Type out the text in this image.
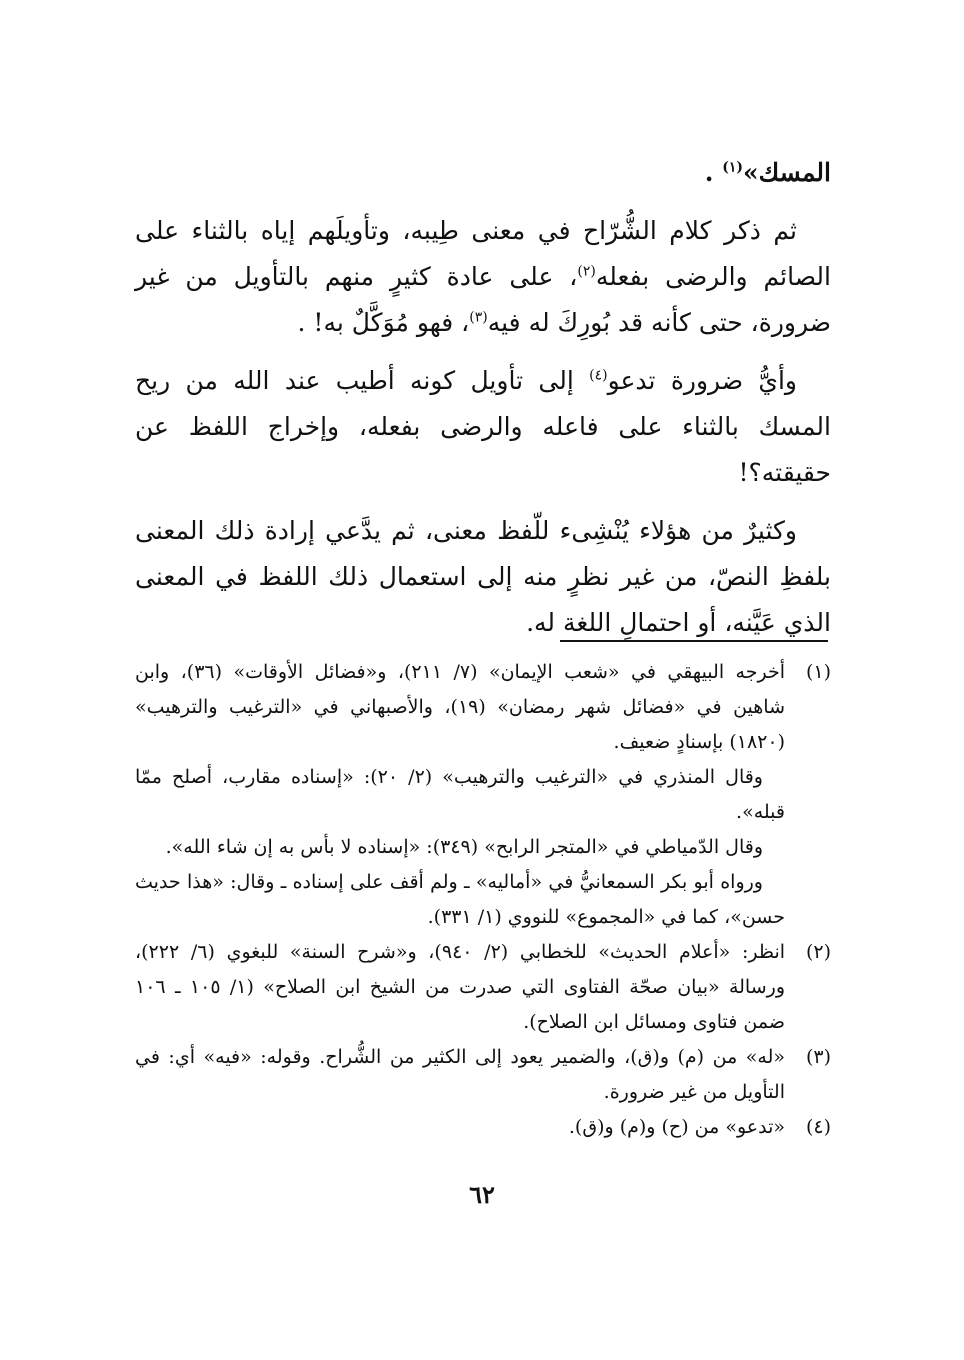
المسك»$^{(١)}$ .

ثم ذكر كلام الشُّرّاح في معنى طِيبه، وتأويلَهم إياه بالثناء على الصائم والرضى بفعله$^{(٢)}$، على عادة كثيرٍ منهم بالتأويل من غير ضرورة، حتى كأنه قد بُورِكَ له فيه$^{(٣)}$، فهو مُوَكَّلٌ به! .

وأيُّ ضرورة تدعو$^{(٤)}$ إلى تأويل كونه أطيب عند الله من ريح المسك بالثناء على فاعله والرضى بفعله، وإخراج اللفظ عن حقيقته؟!

وكثيرٌ من هؤلاء يُنْشِىء للّفظ معنى، ثم يدَّعي إرادة ذلك المعنى بلفظِ النصّ، من غير نظرٍ منه إلى استعمال ذلك اللفظ في المعنى الذي عَيَّنه، أو احتمالِ اللغة له.

(١)

أخرجه البيهقي في «شعب الإيمان» (٧/ ٢١١)، و«فضائل الأوقات» (٣٦)، وابن شاهين في «فضائل شهر رمضان» (١٩)، والأصبهاني في «الترغيب والترهيب» (١٨٢٠) بإسنادٍ ضعيف.

وقال المنذري في «الترغيب والترهيب» (٢/ ٢٠): «إسناده مقارب، أصلح ممّا قبله».

وقال الدّمياطي في «المتجر الرابح» (٣٤٩): «إسناده لا بأس به إن شاء الله».

ورواه أبو بكر السمعانيُّ في «أماليه» ـ ولم أقف على إسناده ـ وقال: «هذا حديث حسن»، كما في «المجموع» للنووي (١/ ٣٣١).

(٢)

انظر: «أعلام الحديث» للخطابي (٢/ ٩٤٠)، و«شرح السنة» للبغوي (٦/ ٢٢٢)، ورسالة «بيان صحّة الفتاوى التي صدرت من الشيخ ابن الصلاح» (١/ ١٠٥ ـ ١٠٦ ضمن فتاوى ومسائل ابن الصلاح).

(٣)

«له» من (م) و(ق)، والضمير يعود إلى الكثير من الشُّراح. وقوله: «فيه» أي: في التأويل من غير ضرورة.

(٤)

«تدعو» من (ح) و(م) و(ق).

٦٢
